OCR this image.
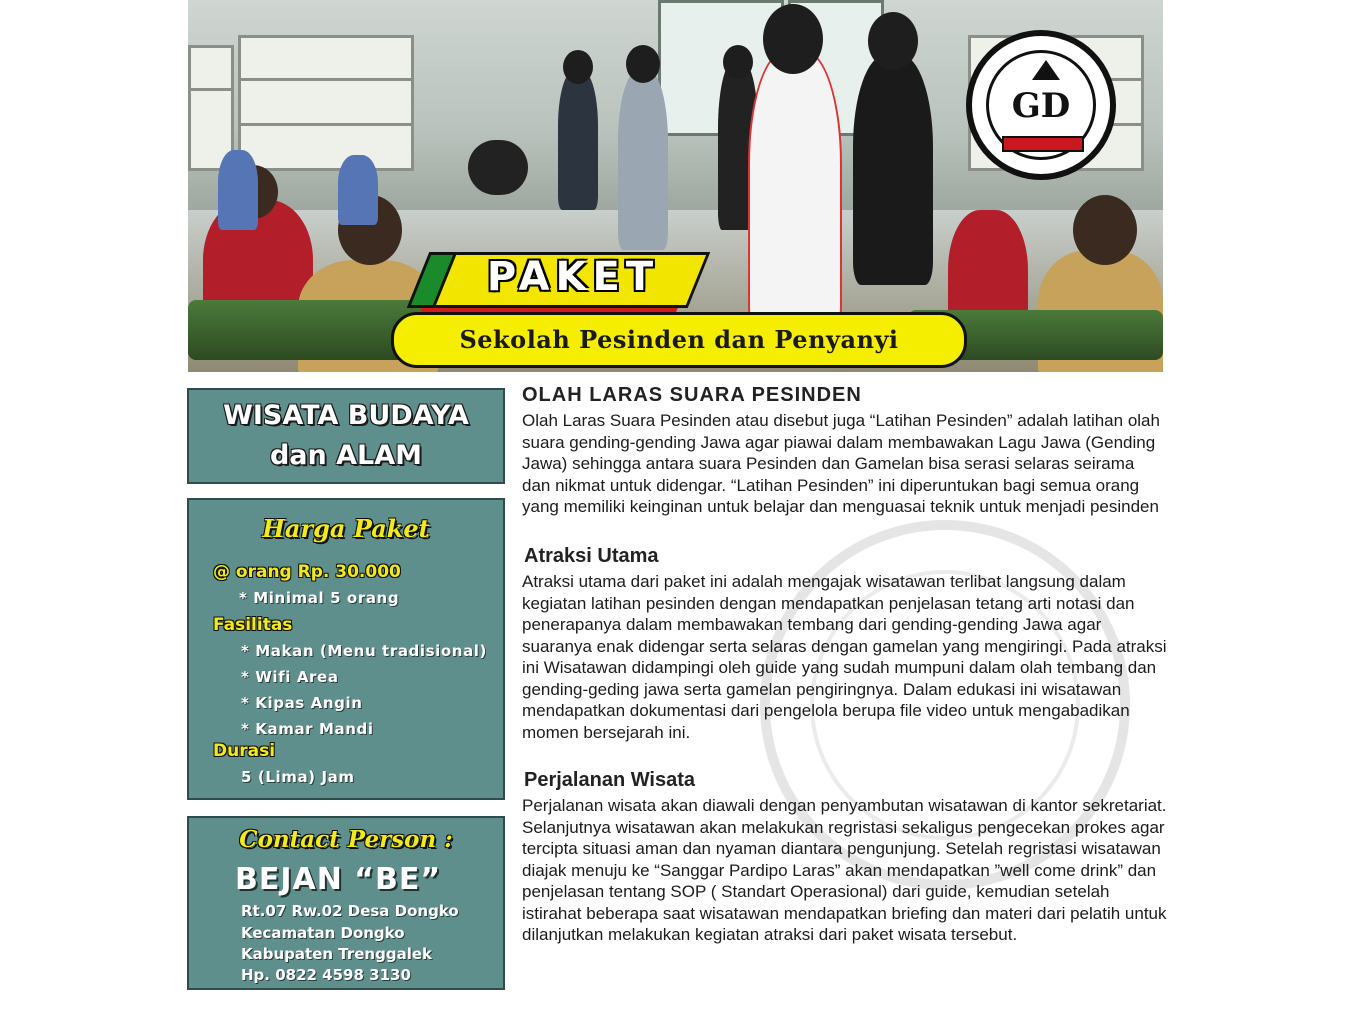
PAKET
Sekolah Pesinden dan Penyanyi
GD
WISATA BUDAYA
dan ALAM
Harga Paket
@ orang Rp. 30.000
* Minimal 5 orang
Fasilitas
* Makan (Menu tradisional)
* Wifi Area
* Kipas Angin
* Kamar Mandi
Durasi
5 (Lima) Jam
Contact Person :
BEJAN “BE”
Rt.07 Rw.02 Desa Dongko
Kecamatan Dongko
Kabupaten Trenggalek
Hp. 0822 4598 3130
OLAH LARAS SUARA PESINDEN

Olah Laras Suara Pesinden atau disebut juga “Latihan Pesinden” adalah latihan olah suara gending-gending Jawa agar piawai dalam membawakan Lagu Jawa (Gending Jawa) sehingga antara suara Pesinden dan Gamelan bisa serasi selaras seirama dan nikmat untuk didengar. “Latihan Pesinden” ini diperuntukan bagi semua orang yang memiliki keinginan untuk belajar dan menguasai teknik untuk menjadi pesinden

Atraksi Utama

Atraksi utama dari paket ini adalah mengajak wisatawan terlibat langsung dalam kegiatan latihan pesinden dengan mendapatkan penjelasan tetang arti notasi dan penerapanya dalam membawakan tembang dari gending-gending Jawa agar suaranya enak didengar serta selaras dengan gamelan yang mengiringi. Pada atraksi ini Wisatawan didampingi oleh guide yang sudah mumpuni dalam olah tembang dan gending-geding jawa serta gamelan pengiringnya. Dalam edukasi ini wisatawan mendapatkan dokumentasi dari pengelola berupa file video untuk mengabadikan momen bersejarah ini.

Perjalanan Wisata

Perjalanan wisata akan diawali dengan penyambutan wisatawan di kantor sekretariat. Selanjutnya wisatawan akan melakukan regristasi sekaligus pengecekan prokes agar tercipta situasi aman dan nyaman diantara pengunjung. Setelah regristasi wisatawan diajak menuju ke “Sanggar Pardipo Laras” akan mendapatkan ”well come drink” dan penjelasan tentang SOP ( Standart Operasional) dari guide, kemudian setelah istirahat beberapa saat wisatawan mendapatkan briefing dan materi dari pelatih untuk dilanjutkan melakukan kegiatan atraksi dari paket wisata tersebut.
